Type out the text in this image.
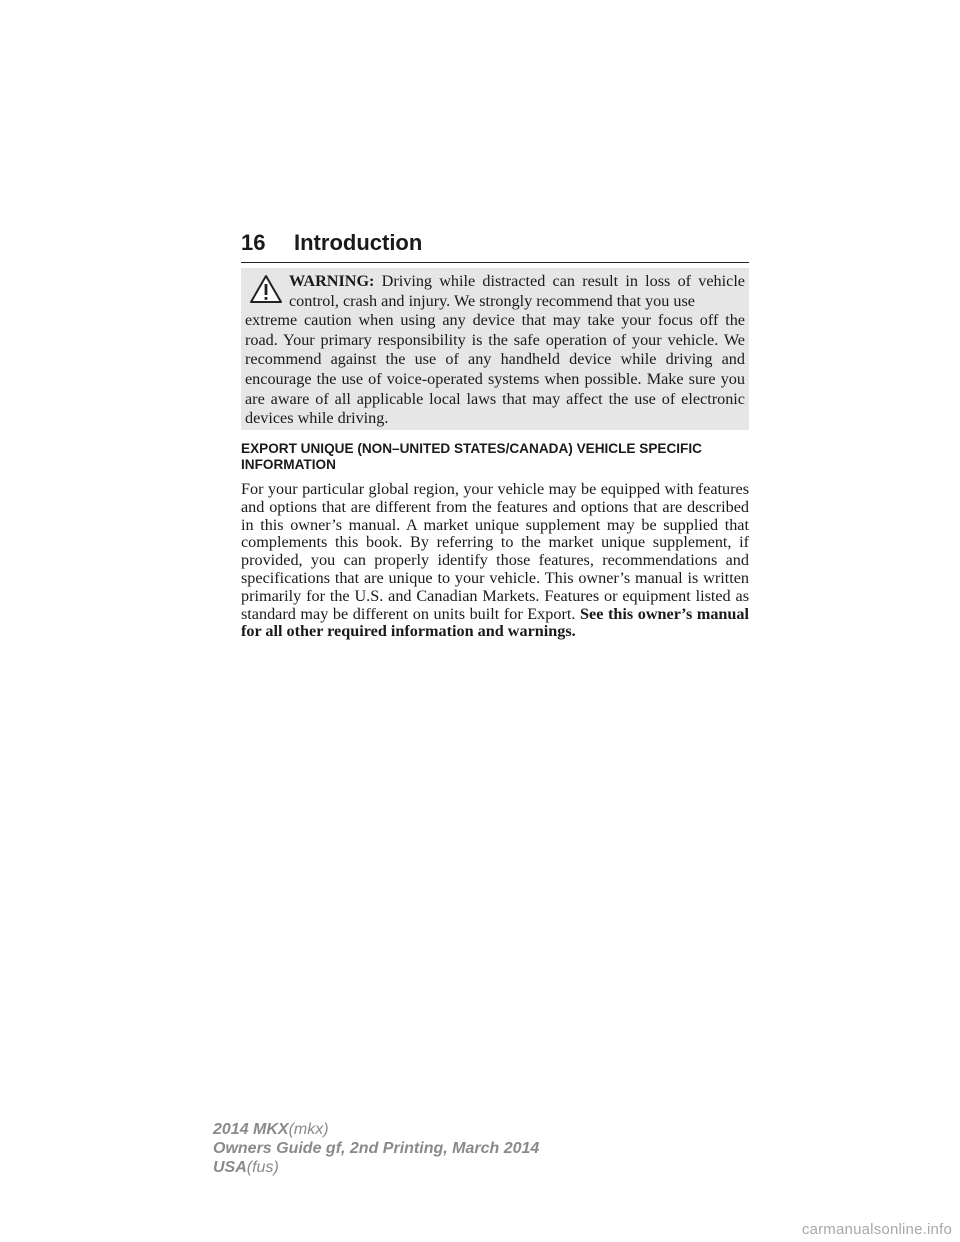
16 Introduction
WARNING: Driving while distracted can result in loss of vehicle control, crash and injury. We strongly recommend that you use
extreme caution when using any device that may take your focus off the road. Your primary responsibility is the safe operation of your vehicle. We recommend against the use of any handheld device while driving and encourage the use of voice-operated systems when possible. Make sure you are aware of all applicable local laws that may affect the use of electronic devices while driving.
EXPORT UNIQUE (NON–UNITED STATES/CANADA) VEHICLE SPECIFIC INFORMATION
For your particular global region, your vehicle may be equipped with features and options that are different from the features and options that are described in this owner’s manual. A market unique supplement may be supplied that complements this book. By referring to the market unique supplement, if provided, you can properly identify those features, recommendations and specifications that are unique to your vehicle. This owner’s manual is written primarily for the U.S. and Canadian Markets. Features or equipment listed as standard may be different on units built for Export. See this owner’s manual for all other required information and warnings.
2014 MKX(mkx)
Owners Guide gf, 2nd Printing, March 2014
USA(fus)
carmanualsonline.info
